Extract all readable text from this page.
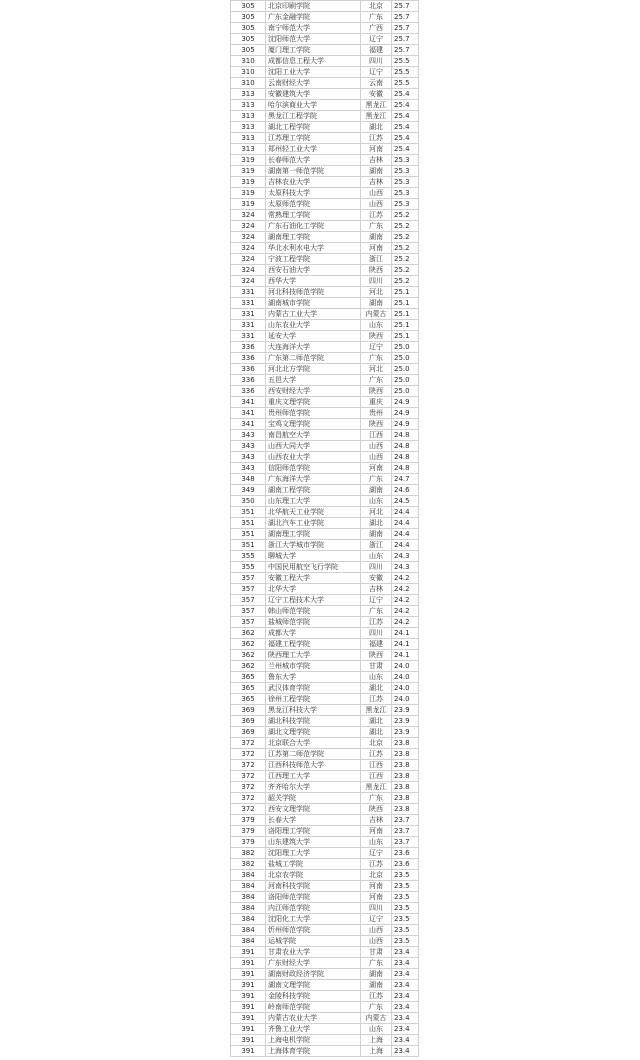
305	北京印刷学院	北京	25.7
305	广东金融学院	广东	25.7
305	南宁师范大学	广西	25.7
305	沈阳师范大学	辽宁	25.7
305	厦门理工学院	福建	25.7
310	成都信息工程大学	四川	25.5
310	沈阳工业大学	辽宁	25.5
310	云南财经大学	云南	25.5
313	安徽建筑大学	安徽	25.4
313	哈尔滨商业大学	黑龙江	25.4
313	黑龙江工程学院	黑龙江	25.4
313	湖北工程学院	湖北	25.4
313	江苏理工学院	江苏	25.4
313	郑州轻工业大学	河南	25.4
319	长春师范大学	吉林	25.3
319	湖南第一师范学院	湖南	25.3
319	吉林农业大学	吉林	25.3
319	太原科技大学	山西	25.3
319	太原师范学院	山西	25.3
324	常熟理工学院	江苏	25.2
324	广东石油化工学院	广东	25.2
324	湖南理工学院	湖南	25.2
324	华北水利水电大学	河南	25.2
324	宁波工程学院	浙江	25.2
324	西安石油大学	陕西	25.2
324	西华大学	四川	25.2
331	河北科技师范学院	河北	25.1
331	湖南城市学院	湖南	25.1
331	内蒙古工业大学	内蒙古	25.1
331	山东农业大学	山东	25.1
331	延安大学	陕西	25.1
336	大连海洋大学	辽宁	25.0
336	广东第二师范学院	广东	25.0
336	河北北方学院	河北	25.0
336	五邑大学	广东	25.0
336	西安财经大学	陕西	25.0
341	重庆文理学院	重庆	24.9
341	贵州师范学院	贵州	24.9
341	宝鸡文理学院	陕西	24.9
343	南昌航空大学	江西	24.8
343	山西大同大学	山西	24.8
343	山西农业大学	山西	24.8
343	信阳师范学院	河南	24.8
348	广东海洋大学	广东	24.7
349	湖南工程学院	湖南	24.6
350	山东理工大学	山东	24.5
351	北华航天工业学院	河北	24.4
351	湖北汽车工业学院	湖北	24.4
351	湖南理工学院	湖南	24.4
351	浙江大学城市学院	浙江	24.4
355	聊城大学	山东	24.3
355	中国民用航空飞行学院	四川	24.3
357	安徽工程大学	安徽	24.2
357	北华大学	吉林	24.2
357	辽宁工程技术大学	辽宁	24.2
357	韩山师范学院	广东	24.2
357	盐城师范学院	江苏	24.2
362	成都大学	四川	24.1
362	福建工程学院	福建	24.1
362	陕西理工大学	陕西	24.1
362	兰州城市学院	甘肃	24.0
365	鲁东大学	山东	24.0
365	武汉体育学院	湖北	24.0
365	徐州工程学院	江苏	24.0
369	黑龙江科技大学	黑龙江	23.9
369	湖北科技学院	湖北	23.9
369	湖北文理学院	湖北	23.9
372	北京联合大学	北京	23.8
372	江苏第二师范学院	江苏	23.8
372	江西科技师范大学	江西	23.8
372	江西理工大学	江西	23.8
372	齐齐哈尔大学	黑龙江	23.8
372	韶关学院	广东	23.8
372	西安文理学院	陕西	23.8
379	长春大学	吉林	23.7
379	洛阳理工学院	河南	23.7
379	山东建筑大学	山东	23.7
382	沈阳理工大学	辽宁	23.6
382	盐城工学院	江苏	23.6
384	北京农学院	北京	23.5
384	河南科技学院	河南	23.5
384	洛阳师范学院	河南	23.5
384	内江师范学院	四川	23.5
384	沈阳化工大学	辽宁	23.5
384	忻州师范学院	山西	23.5
384	运城学院	山西	23.5
391	甘肃农业大学	甘肃	23.4
391	广东财经大学	广东	23.4
391	湖南财政经济学院	湖南	23.4
391	湖南文理学院	湖南	23.4
391	金陵科技学院	江苏	23.4
391	岭南师范学院	广东	23.4
391	内蒙古农业大学	内蒙古	23.4
391	齐鲁工业大学	山东	23.4
391	上海电机学院	上海	23.4
391	上海体育学院	上海	23.4
